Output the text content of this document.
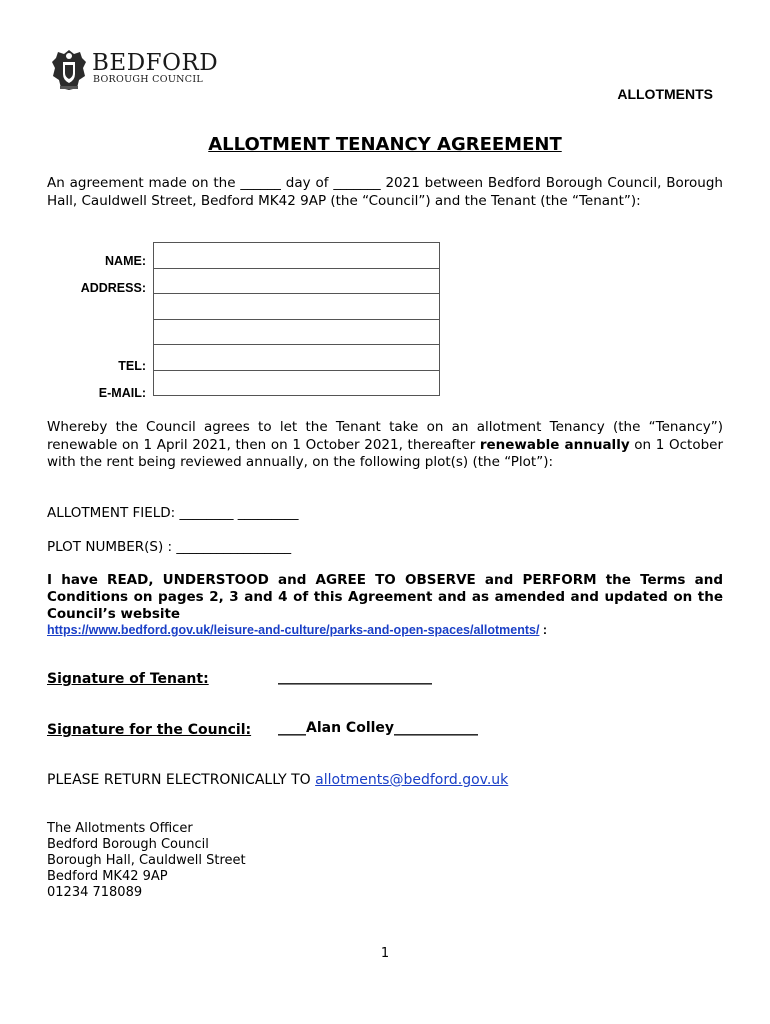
BEDFORD
BOROUGH COUNCIL
ALLOTMENTS
ALLOTMENT TENANCY AGREEMENT
An agreement made on the ______ day of _______ 2021 between Bedford Borough Council, Borough Hall, Cauldwell Street, Bedford MK42 9AP (the “Council”) and the Tenant (the “Tenant”):
NAME:
ADDRESS:
TEL:
E-MAIL:
Whereby the Council agrees to let the Tenant take on an allotment Tenancy (the “Tenancy”) renewable on 1 April 2021, then on 1 October 2021, thereafter renewable annually on 1 October with the rent being reviewed annually, on the following plot(s) (the “Plot”):
ALLOTMENT FIELD: ________ _________
PLOT NUMBER(S) : _________________
I have READ, UNDERSTOOD and AGREE TO OBSERVE and PERFORM the Terms and Conditions on pages 2, 3 and 4 of this Agreement and as amended and updated on the Council’s website
https://www.bedford.gov.uk/leisure-and-culture/parks-and-open-spaces/allotments/ :
Signature of Tenant:	______________________
Signature for the Council: ____Alan Colley____________
PLEASE RETURN ELECTRONICALLY TO allotments@bedford.gov.uk
The Allotments Officer
Bedford Borough Council
Borough Hall, Cauldwell Street
Bedford MK42 9AP
01234 718089
1
